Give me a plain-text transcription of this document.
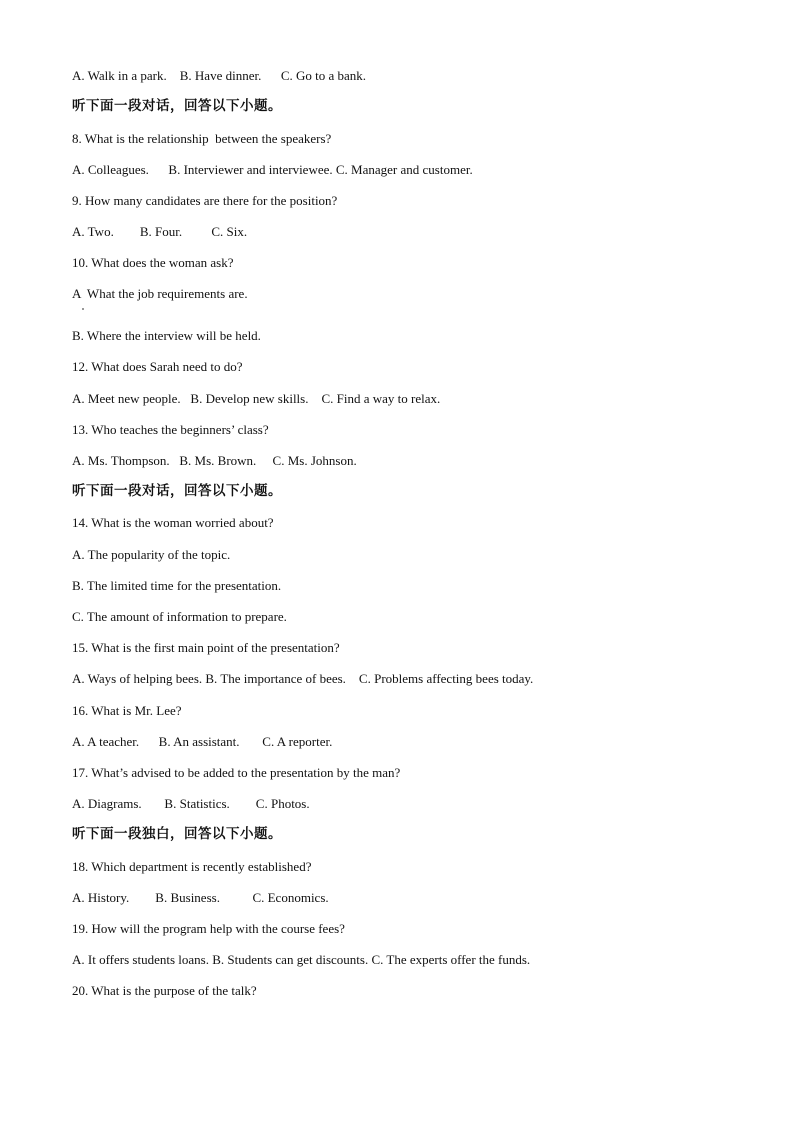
A. Walk in a park.    B. Have dinner.      C. Go to a bank.
听下面一段对话，回答以下小题。
8. What is the relationship  between the speakers?
A. Colleagues.      B. Interviewer and interviewee. C. Manager and customer.
9. How many candidates are there for the position?
A. Two.        B. Four.         C. Six.
10. What does the woman ask?
A  What the job requirements are.
B. Where the interview will be held.
12. What does Sarah need to do?
A. Meet new people.   B. Develop new skills.    C. Find a way to relax.
13. Who teaches the beginners’ class?
A. Ms. Thompson.   B. Ms. Brown.     C. Ms. Johnson.
听下面一段对话，回答以下小题。
14. What is the woman worried about?
A. The popularity of the topic.
B. The limited time for the presentation.
C. The amount of information to prepare.
15. What is the first main point of the presentation?
A. Ways of helping bees. B. The importance of bees.    C. Problems affecting bees today.
16. What is Mr. Lee?
A. A teacher.      B. An assistant.       C. A reporter.
17. What’s advised to be added to the presentation by the man?
A. Diagrams.       B. Statistics.        C. Photos.
听下面一段独白，回答以下小题。
18. Which department is recently established?
A. History.        B. Business.          C. Economics.
19. How will the program help with the course fees?
A. It offers students loans. B. Students can get discounts. C. The experts offer the funds.
20. What is the purpose of the talk?
